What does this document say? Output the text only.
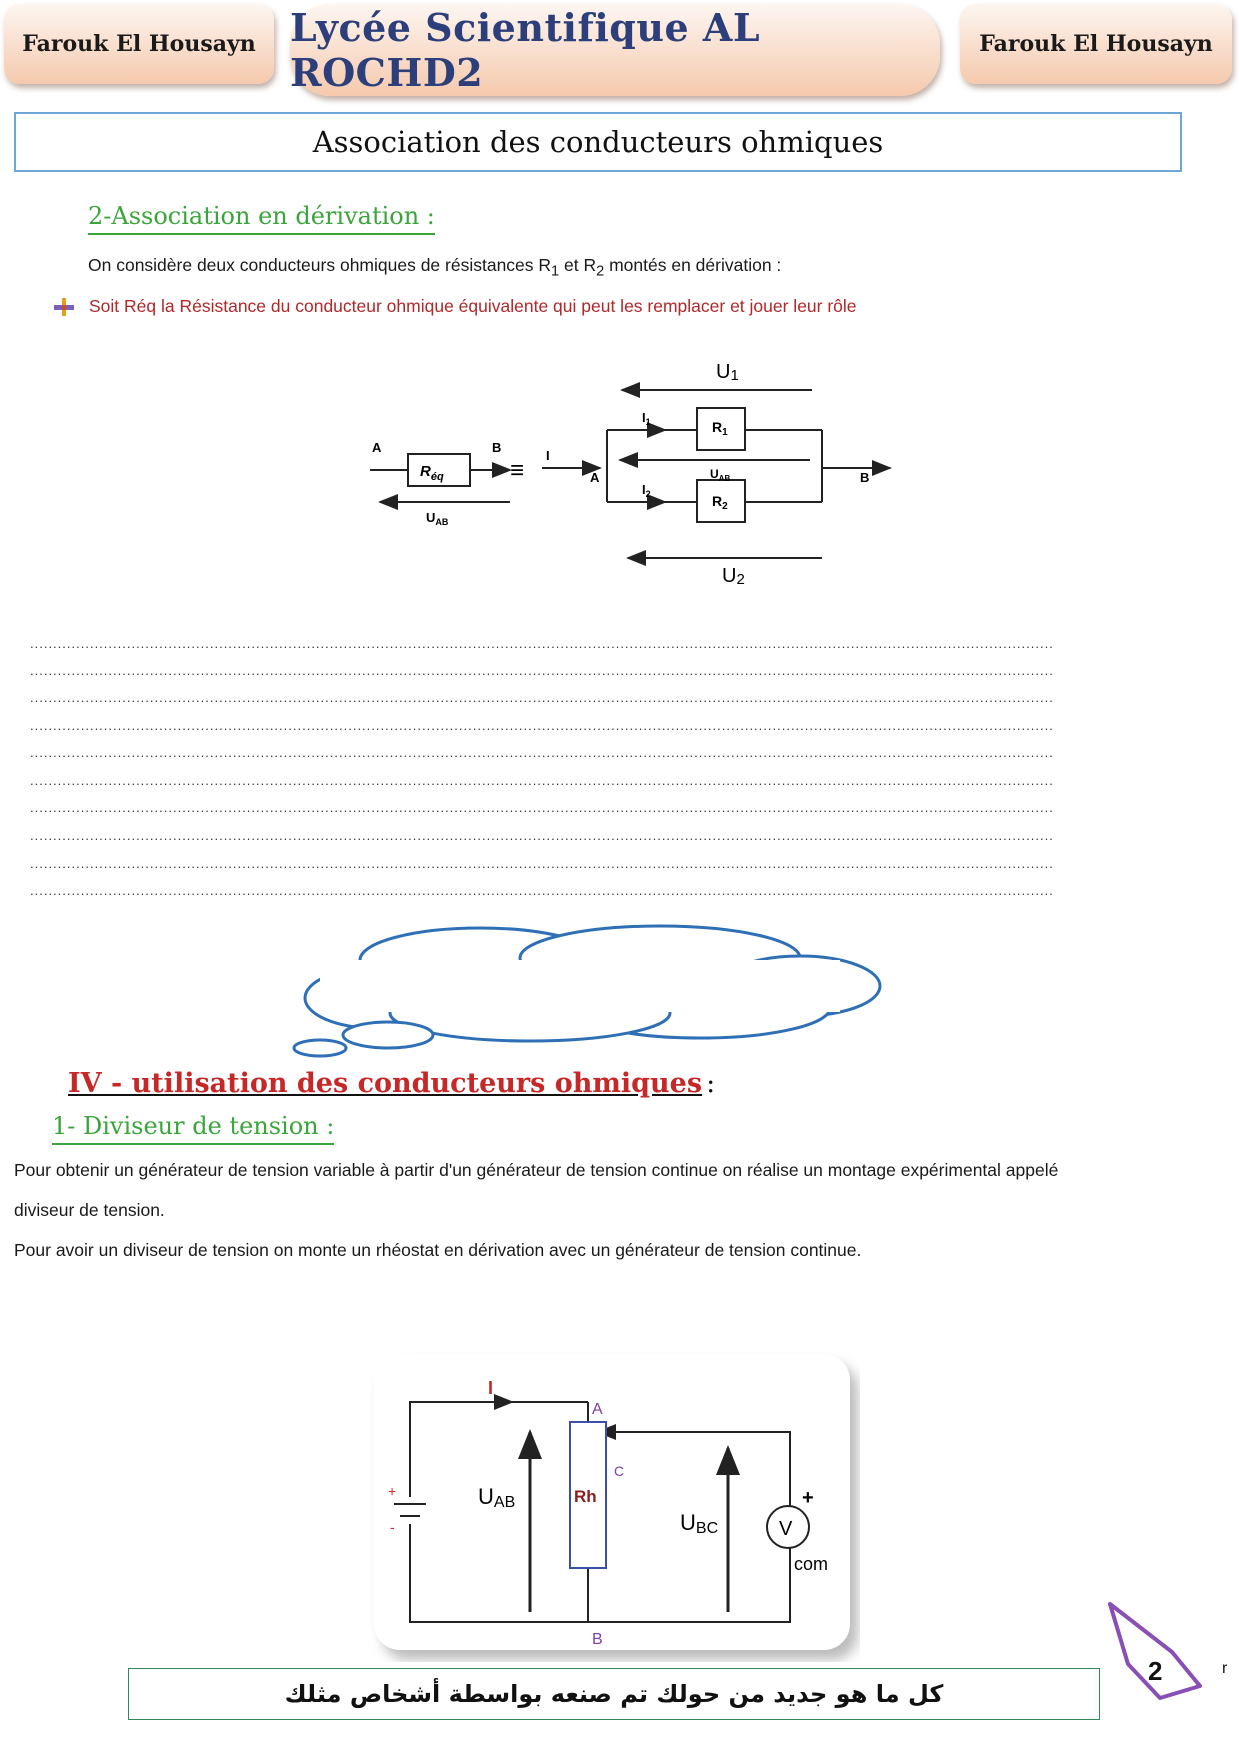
Farouk El Housayn Lycée Scientifique AL ROCHD2
Farouk El Housayn
Association des conducteurs ohmiques
2-Association en dérivation :
On considère deux conducteurs ohmiques de résistances $R_1$ et $R_2$ montés en dérivation :
Soit Réq la Résistance du conducteur ohmique équivalente qui peut les remplacer et jouer leur rôle
$R_{éq}$
A	B
$U_{AB}$
≡
I
A	B
$R_1$
$I_1$
$R_2$
$I_2$
$U_{AB}$
U1
U2
..............................................................................................................................................................................................................................
..............................................................................................................................................................................................................................
..............................................................................................................................................................................................................................
..............................................................................................................................................................................................................................
..............................................................................................................................................................................................................................
..............................................................................................................................................................................................................................
..............................................................................................................................................................................................................................
..............................................................................................................................................................................................................................
..............................................................................................................................................................................................................................
..............................................................................................................................................................................................................................
IV - utilisation des conducteurs ohmiques :
1- Diviseur de tension :
Pour obtenir un générateur de tension variable à partir d'un générateur de tension continue on réalise un montage expérimental appelé
diviseur de tension.
Pour avoir un diviseur de tension on monte un rhéostat en dérivation avec un générateur de tension continue.
+
-
Rh
I
A
B
C
UAB
UBC	V
+
com
كل ما هو جديد من حولك تم صنعه بواسطة أشخاص مثلك
2	r
